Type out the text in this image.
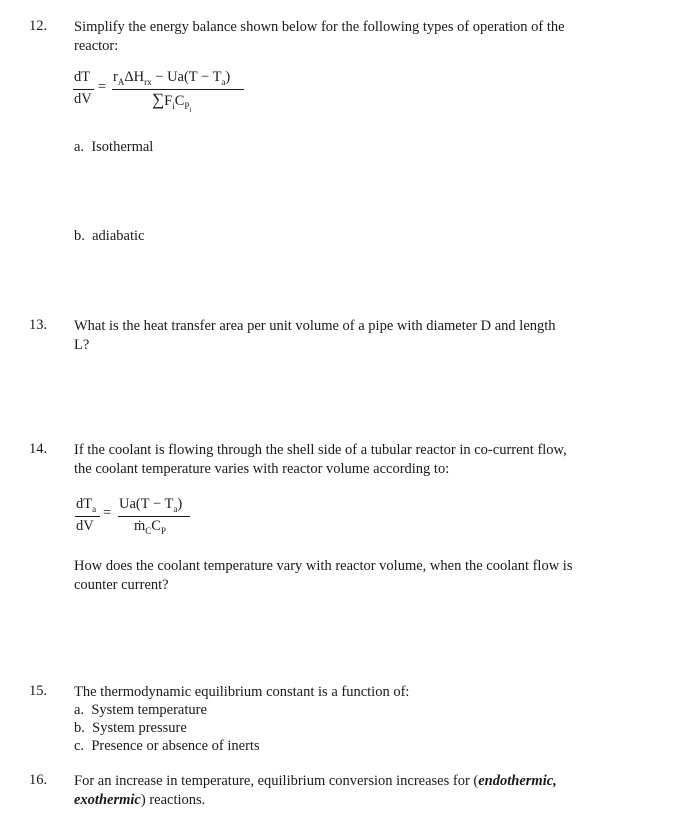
12. Simplify the energy balance shown below for the following types of operation of the
reactor:
dT
dV
=
$r_A\Delta H_{rx} - Ua(T - T_a)$
$\sum F_iC_{P_i}$
a. Isothermal
b. adiabatic
13. What is the heat transfer area per unit volume of a pipe with diameter D and length
L?
14. If the coolant is flowing through the shell side of a tubular reactor in co-current flow,
the coolant temperature varies with reactor volume according to:
$dT_a$
dV
=
$Ua(T - T_a)$
$ṁ_CC_P$
How does the coolant temperature vary with reactor volume, when the coolant flow is
counter current?
15. The thermodynamic equilibrium constant is a function of:
a. System temperature
b. System pressure
c. Presence or absence of inerts
16. For an increase in temperature, equilibrium conversion increases for (endothermic,
exothermic) reactions.
